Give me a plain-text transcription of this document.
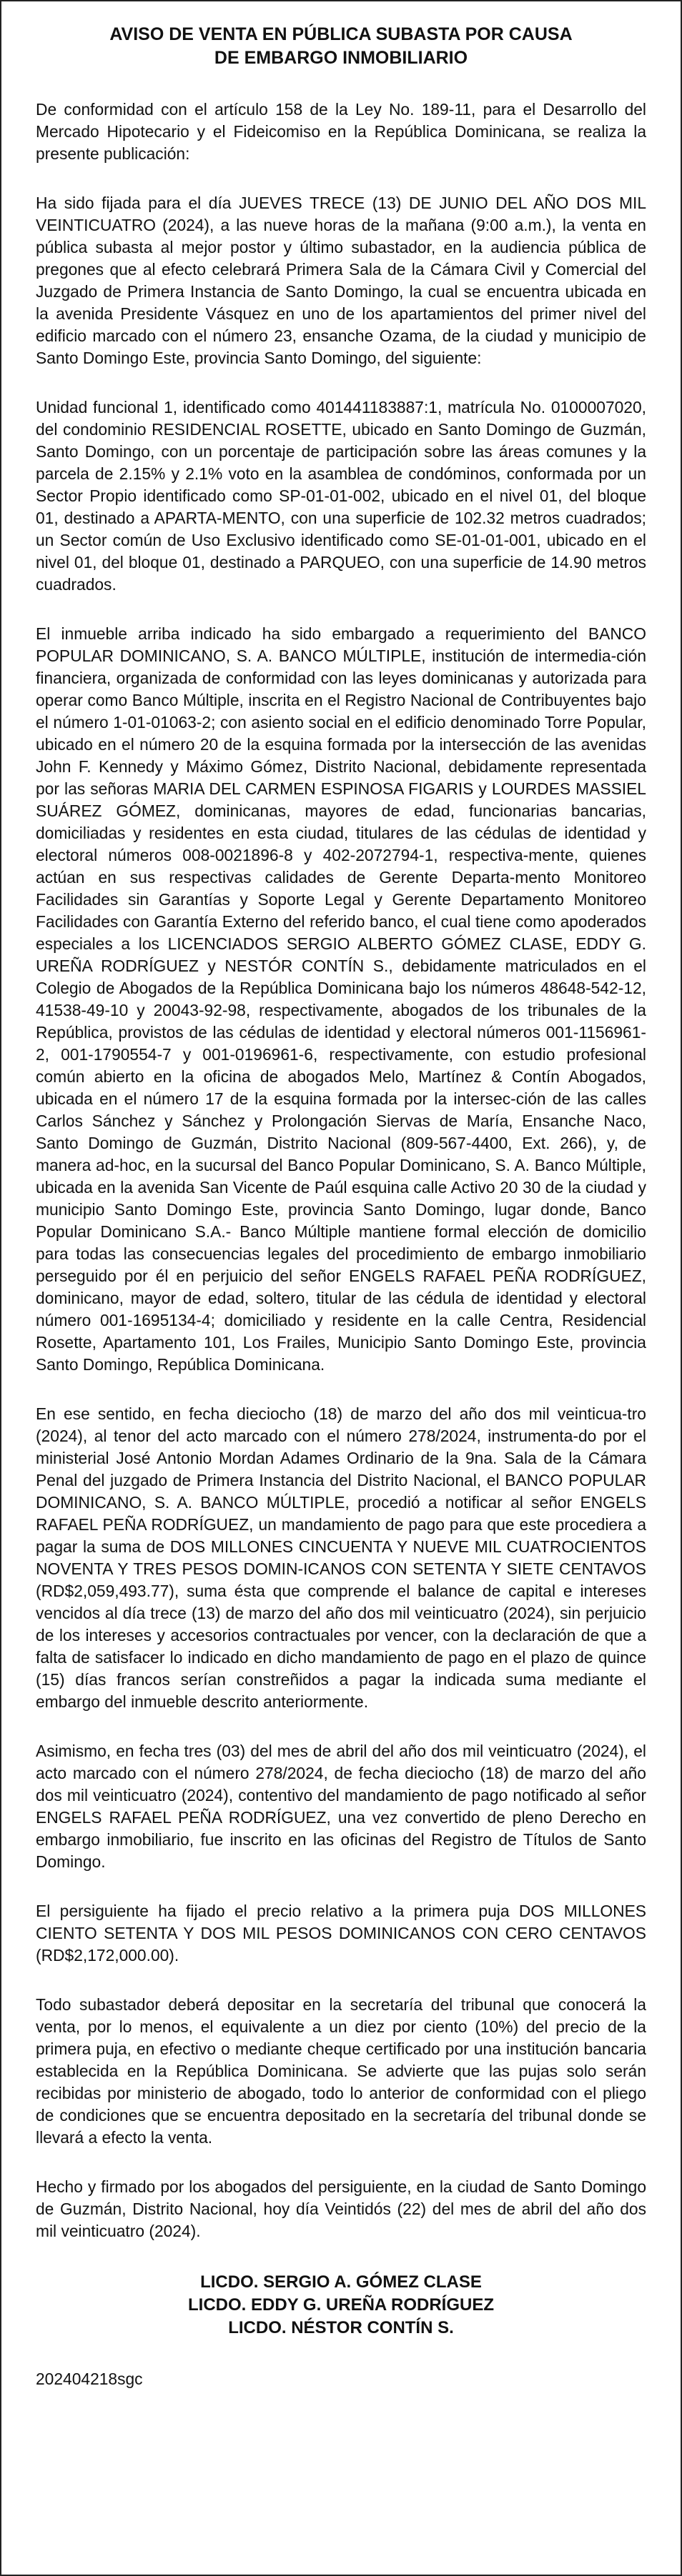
AVISO DE VENTA EN PÚBLICA SUBASTA POR CAUSA
DE EMBARGO INMOBILIARIO

De conformidad con el artículo 158 de la Ley No. 189-11, para el Desarrollo del Mercado Hipotecario y el Fideicomiso en la República Dominicana, se realiza la presente publicación:

Ha sido fijada para el día JUEVES TRECE (13) DE JUNIO DEL AÑO DOS MIL VEINTICUATRO (2024), a las nueve horas de la mañana (9:00 a.m.), la venta en pública subasta al mejor postor y último subastador, en la audiencia pública de pregones que al efecto celebrará Primera Sala de la Cámara Civil y Comercial del Juzgado de Primera Instancia de Santo Domingo, la cual se encuentra ubicada en la avenida Presidente Vásquez en uno de los apartamientos del primer nivel del edificio marcado con el número 23, ensanche Ozama, de la ciudad y municipio de Santo Domingo Este, provincia Santo Domingo, del siguiente:

Unidad funcional 1, identificado como 401441183887:1, matrícula No. 0100007020, del condominio RESIDENCIAL ROSETTE, ubicado en Santo Domingo de Guzmán, Santo Domingo, con un porcentaje de participación sobre las áreas comunes y la parcela de 2.15% y 2.1% voto en la asamblea de condóminos, conformada por un Sector Propio identificado como SP-01-01-002, ubicado en el nivel 01, del bloque 01, destinado a APARTA-MENTO, con una superficie de 102.32 metros cuadrados; un Sector común de Uso Exclusivo identificado como SE-01-01-001, ubicado en el nivel 01, del bloque 01, destinado a PARQUEO, con una superficie de 14.90 metros cuadrados.

El inmueble arriba indicado ha sido embargado a requerimiento del BANCO POPULAR DOMINICANO, S. A. BANCO MÚLTIPLE, institución de intermedia-ción financiera, organizada de conformidad con las leyes dominicanas y autorizada para operar como Banco Múltiple, inscrita en el Registro Nacional de Contribuyentes bajo el número 1-01-01063-2; con asiento social en el edificio denominado Torre Popular, ubicado en el número 20 de la esquina formada por la intersección de las avenidas John F. Kennedy y Máximo Gómez, Distrito Nacional, debidamente representada por las señoras MARIA DEL CARMEN ESPINOSA FIGARIS y LOURDES MASSIEL SUÁREZ GÓMEZ, dominicanas, mayores de edad, funcionarias bancarias, domiciliadas y residentes en esta ciudad, titulares de las cédulas de identidad y electoral números 008-0021896-8 y 402-2072794-1, respectiva-mente, quienes actúan en sus respectivas calidades de Gerente Departa-mento Monitoreo Facilidades sin Garantías y Soporte Legal y Gerente Departamento Monitoreo Facilidades con Garantía Externo del referido banco, el cual tiene como apoderados especiales a los LICENCIADOS SERGIO ALBERTO GÓMEZ CLASE, EDDY G. UREÑA RODRÍGUEZ y NESTÓR CONTÍN S., debidamente matriculados en el Colegio de Abogados de la República Dominicana bajo los números 48648-542-12, 41538-49-10 y 20043-92-98, respectivamente, abogados de los tribunales de la República, provistos de las cédulas de identidad y electoral números 001-1156961-2, 001-1790554-7 y 001-0196961-6, respectivamente, con estudio profesional común abierto en la oficina de abogados Melo, Martínez & Contín Abogados, ubicada en el número 17 de la esquina formada por la intersec-ción de las calles Carlos Sánchez y Sánchez y Prolongación Siervas de María, Ensanche Naco, Santo Domingo de Guzmán, Distrito Nacional (809-567-4400, Ext. 266), y, de manera ad-hoc, en la sucursal del Banco Popular Dominicano, S. A. Banco Múltiple, ubicada en la avenida San Vicente de Paúl esquina calle Activo 20 30 de la ciudad y municipio Santo Domingo Este, provincia Santo Domingo, lugar donde, Banco Popular Dominicano S.A.- Banco Múltiple mantiene formal elección de domicilio para todas las consecuencias legales del procedimiento de embargo inmobiliario perseguido por él en perjuicio del señor ENGELS RAFAEL PEÑA RODRÍGUEZ, dominicano, mayor de edad, soltero, titular de las cédula de identidad y electoral número 001-1695134-4; domiciliado y residente en la calle Centra, Residencial Rosette, Apartamento 101, Los Frailes, Municipio Santo Domingo Este, provincia Santo Domingo, República Dominicana.

En ese sentido, en fecha dieciocho (18) de marzo del año dos mil veinticua-tro (2024), al tenor del acto marcado con el número 278/2024, instrumenta-do por el ministerial José Antonio Mordan Adames Ordinario de la 9na. Sala de la Cámara Penal del juzgado de Primera Instancia del Distrito Nacional, el BANCO POPULAR DOMINICANO, S. A. BANCO MÚLTIPLE, procedió a notificar al señor ENGELS RAFAEL PEÑA RODRÍGUEZ, un mandamiento de pago para que este procediera a pagar la suma de DOS MILLONES CINCUENTA Y NUEVE MIL CUATROCIENTOS NOVENTA Y TRES PESOS DOMIN-ICANOS CON SETENTA Y SIETE CENTAVOS (RD$2,059,493.77), suma ésta que comprende el balance de capital e intereses vencidos al día trece (13) de marzo del año dos mil veinticuatro (2024), sin perjuicio de los intereses y accesorios contractuales por vencer, con la declaración de que a falta de satisfacer lo indicado en dicho mandamiento de pago en el plazo de quince (15) días francos serían constreñidos a pagar la indicada suma mediante el embargo del inmueble descrito anteriormente.

Asimismo, en fecha tres (03) del mes de abril del año dos mil veinticuatro (2024), el acto marcado con el número 278/2024, de fecha dieciocho (18) de marzo del año dos mil veinticuatro (2024), contentivo del mandamiento de pago notificado al señor ENGELS RAFAEL PEÑA RODRÍGUEZ, una vez convertido de pleno Derecho en embargo inmobiliario, fue inscrito en las oficinas del Registro de Títulos de Santo Domingo.

El persiguiente ha fijado el precio relativo a la primera puja DOS MILLONES CIENTO SETENTA Y DOS MIL PESOS DOMINICANOS CON CERO CENTAVOS (RD$2,172,000.00).

Todo subastador deberá depositar en la secretaría del tribunal que conocerá la venta, por lo menos, el equivalente a un diez por ciento (10%) del precio de la primera puja, en efectivo o mediante cheque certificado por una institución bancaria establecida en la República Dominicana. Se advierte que las pujas solo serán recibidas por ministerio de abogado, todo lo anterior de conformidad con el pliego de condiciones que se encuentra depositado en la secretaría del tribunal donde se llevará a efecto la venta.

Hecho y firmado por los abogados del persiguiente, en la ciudad de Santo Domingo de Guzmán, Distrito Nacional, hoy día Veintidós (22) del mes de abril del año dos mil veinticuatro (2024).

LICDO. SERGIO A. GÓMEZ CLASE
LICDO. EDDY G. UREÑA RODRÍGUEZ
LICDO. NÉSTOR CONTÍN S.

202404218sgc
